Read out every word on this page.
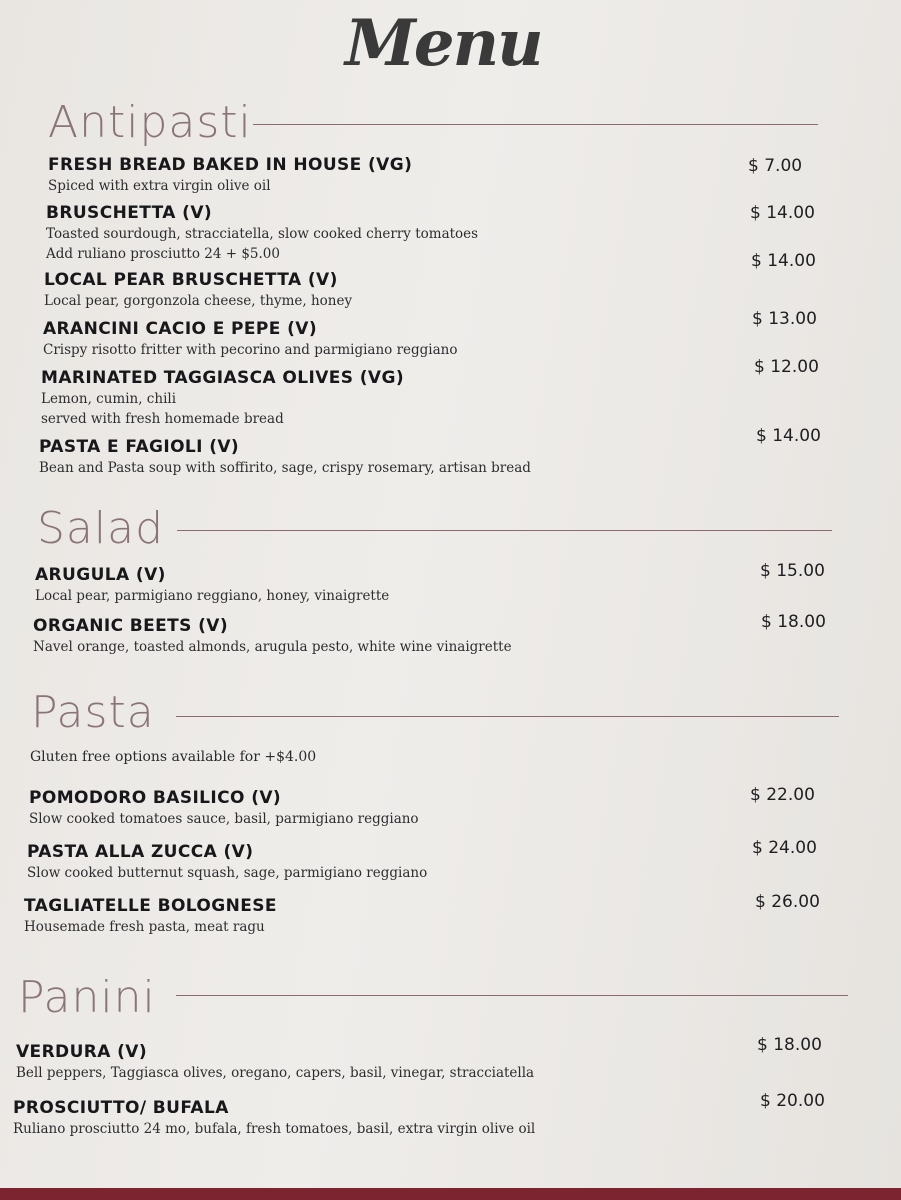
Menu
Antipasti
FRESH BREAD BAKED IN HOUSE (VG)
Spiced with extra virgin olive oil
$ 7.00
BRUSCHETTA (V)
Toasted sourdough, stracciatella, slow cooked cherry tomatoes
Add ruliano prosciutto 24 + $5.00
$ 14.00
LOCAL PEAR BRUSCHETTA (V)
Local pear, gorgonzola cheese, thyme, honey
$ 14.00
ARANCINI CACIO E PEPE (V)
Crispy risotto fritter with pecorino and parmigiano reggiano
$ 13.00
MARINATED TAGGIASCA OLIVES (VG)
Lemon, cumin, chili
served with fresh homemade bread
$ 12.00
PASTA E FAGIOLI (V)
Bean and Pasta soup with soffirito, sage, crispy rosemary, artisan bread
$ 14.00
Salad
ARUGULA (V)
Local pear, parmigiano reggiano, honey, vinaigrette
$ 15.00
ORGANIC BEETS (V)
Navel orange, toasted almonds, arugula pesto, white wine vinaigrette
$ 18.00
Pasta
Gluten free options available for +$4.00
POMODORO BASILICO (V)
Slow cooked tomatoes sauce, basil, parmigiano reggiano
$ 22.00
PASTA ALLA ZUCCA (V)
Slow cooked butternut squash, sage, parmigiano reggiano
$ 24.00
TAGLIATELLE BOLOGNESE
Housemade fresh pasta, meat ragu
$ 26.00
Panini
VERDURA (V)
Bell peppers, Taggiasca olives, oregano, capers, basil, vinegar, stracciatella
$ 18.00
PROSCIUTTO/ BUFALA
Ruliano prosciutto 24 mo, bufala, fresh tomatoes, basil, extra virgin olive oil
$ 20.00
